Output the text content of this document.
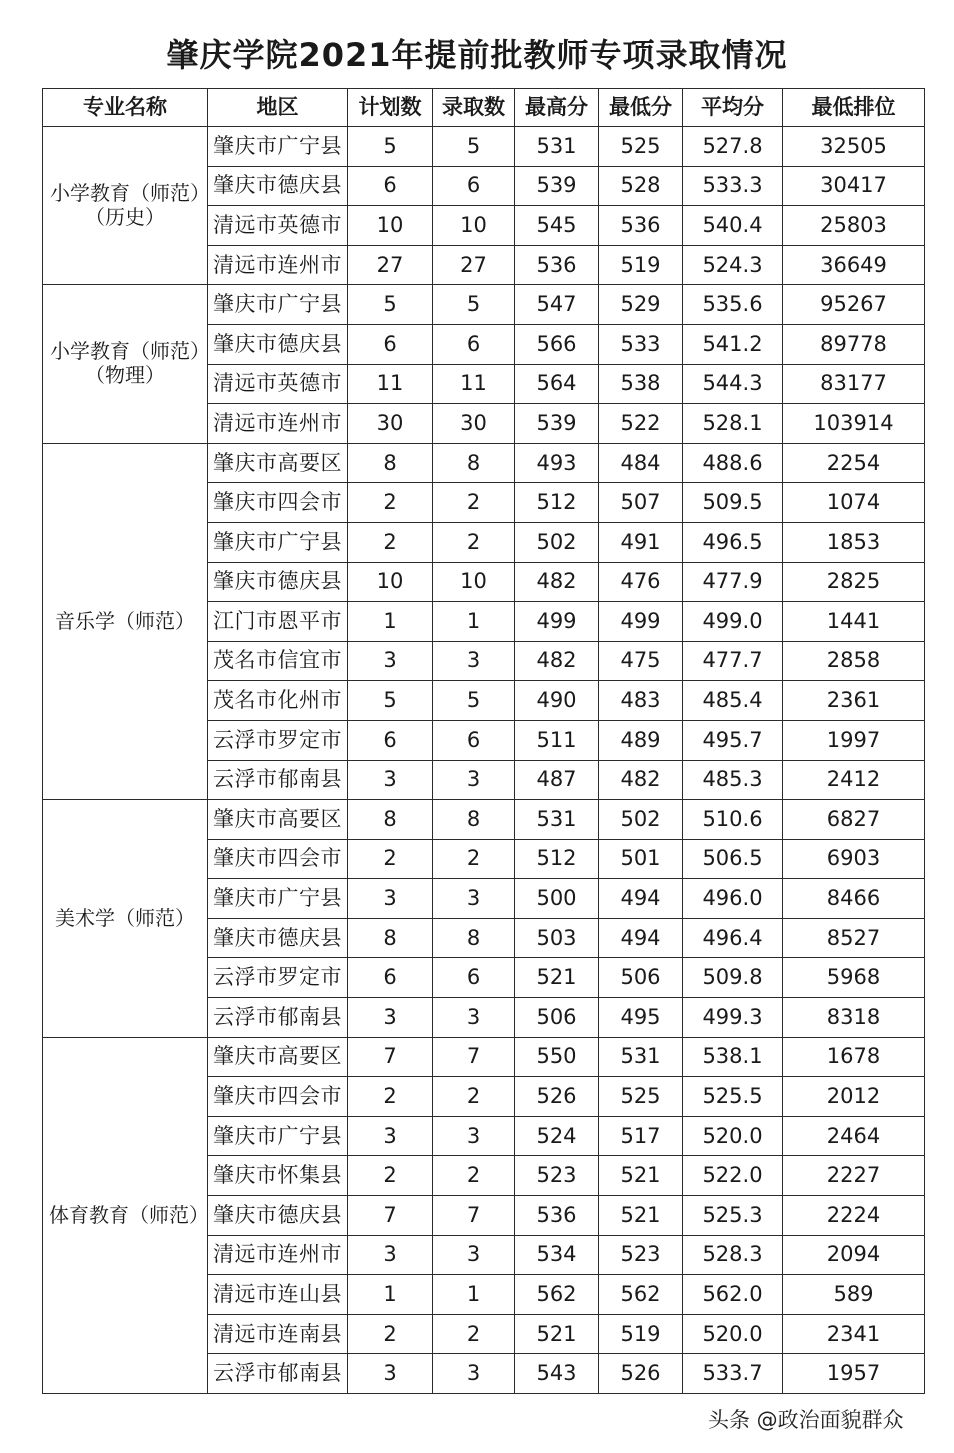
肇庆学院2021年提前批教师专项录取情况
专业名称	地区	计划数	录取数	最高分	最低分	平均分	最低排位
小学教育（师范）（历史）	肇庆市广宁县	5	5	531	525	527.8	32505
	肇庆市德庆县	6	6	539	528	533.3	30417
	清远市英德市	10	10	545	536	540.4	25803
	清远市连州市	27	27	536	519	524.3	36649
小学教育（师范）（物理）	肇庆市广宁县	5	5	547	529	535.6	95267
	肇庆市德庆县	6	6	566	533	541.2	89778
	清远市英德市	11	11	564	538	544.3	83177
	清远市连州市	30	30	539	522	528.1	103914
音乐学（师范）	肇庆市高要区	8	8	493	484	488.6	2254
	肇庆市四会市	2	2	512	507	509.5	1074
	肇庆市广宁县	2	2	502	491	496.5	1853
	肇庆市德庆县	10	10	482	476	477.9	2825
	江门市恩平市	1	1	499	499	499.0	1441
	茂名市信宜市	3	3	482	475	477.7	2858
	茂名市化州市	5	5	490	483	485.4	2361
	云浮市罗定市	6	6	511	489	495.7	1997
	云浮市郁南县	3	3	487	482	485.3	2412
美术学（师范）	肇庆市高要区	8	8	531	502	510.6	6827
	肇庆市四会市	2	2	512	501	506.5	6903
	肇庆市广宁县	3	3	500	494	496.0	8466
	肇庆市德庆县	8	8	503	494	496.4	8527
	云浮市罗定市	6	6	521	506	509.8	5968
	云浮市郁南县	3	3	506	495	499.3	8318
体育教育（师范）	肇庆市高要区	7	7	550	531	538.1	1678
	肇庆市四会市	2	2	526	525	525.5	2012
	肇庆市广宁县	3	3	524	517	520.0	2464
	肇庆市怀集县	2	2	523	521	522.0	2227
	肇庆市德庆县	7	7	536	521	525.3	2224
	清远市连州市	3	3	534	523	528.3	2094
	清远市连山县	1	1	562	562	562.0	589
	清远市连南县	2	2	521	519	520.0	2341
	云浮市郁南县	3	3	543	526	533.7	1957
头条 @政治面貌群众
